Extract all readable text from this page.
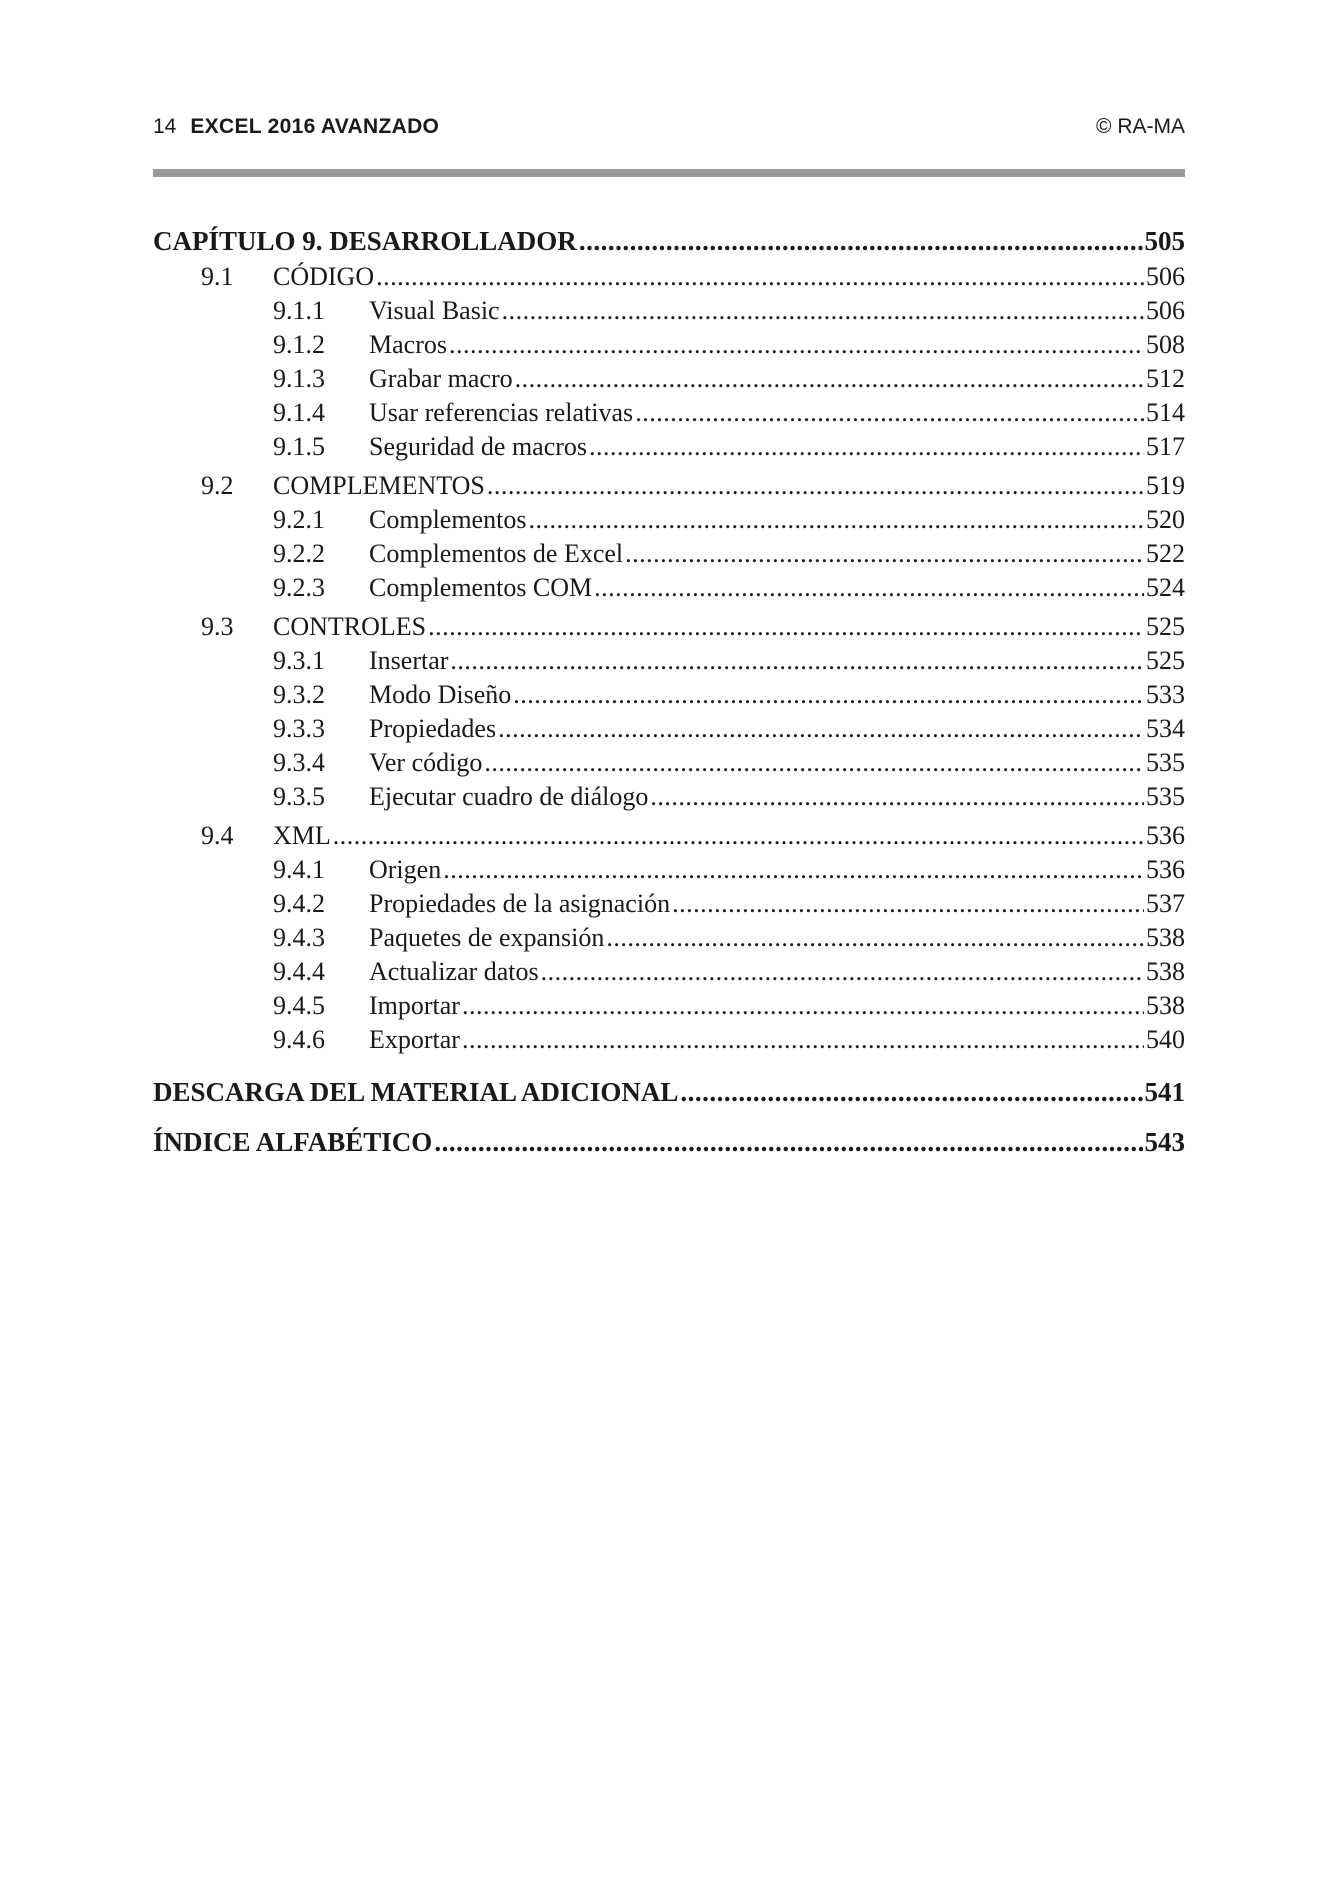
14 EXCEL 2016 AVANZADO	© RA-MA
CAPÍTULO 9. DESARROLLADOR .....	505
9.1	CÓDIGO .....	506
9.1.1	Visual Basic .....	506
9.1.2	Macros .....	508
9.1.3	Grabar macro .....	512
9.1.4	Usar referencias relativas .....	514
9.1.5	Seguridad de macros .....	517
9.2	COMPLEMENTOS .....	519
9.2.1	Complementos .....	520
9.2.2	Complementos de Excel .....	522
9.2.3	Complementos COM .....	524
9.3	CONTROLES .....	525
9.3.1	Insertar .....	525
9.3.2	Modo Diseño .....	533
9.3.3	Propiedades .....	534
9.3.4	Ver código .....	535
9.3.5	Ejecutar cuadro de diálogo .....	535
9.4	XML .....	536
9.4.1	Origen .....	536
9.4.2	Propiedades de la asignación .....	537
9.4.3	Paquetes de expansión .....	538
9.4.4	Actualizar datos .....	538
9.4.5	Importar .....	538
9.4.6	Exportar .....	540
DESCARGA DEL MATERIAL ADICIONAL .....	541
ÍNDICE ALFABÉTICO .....	543
